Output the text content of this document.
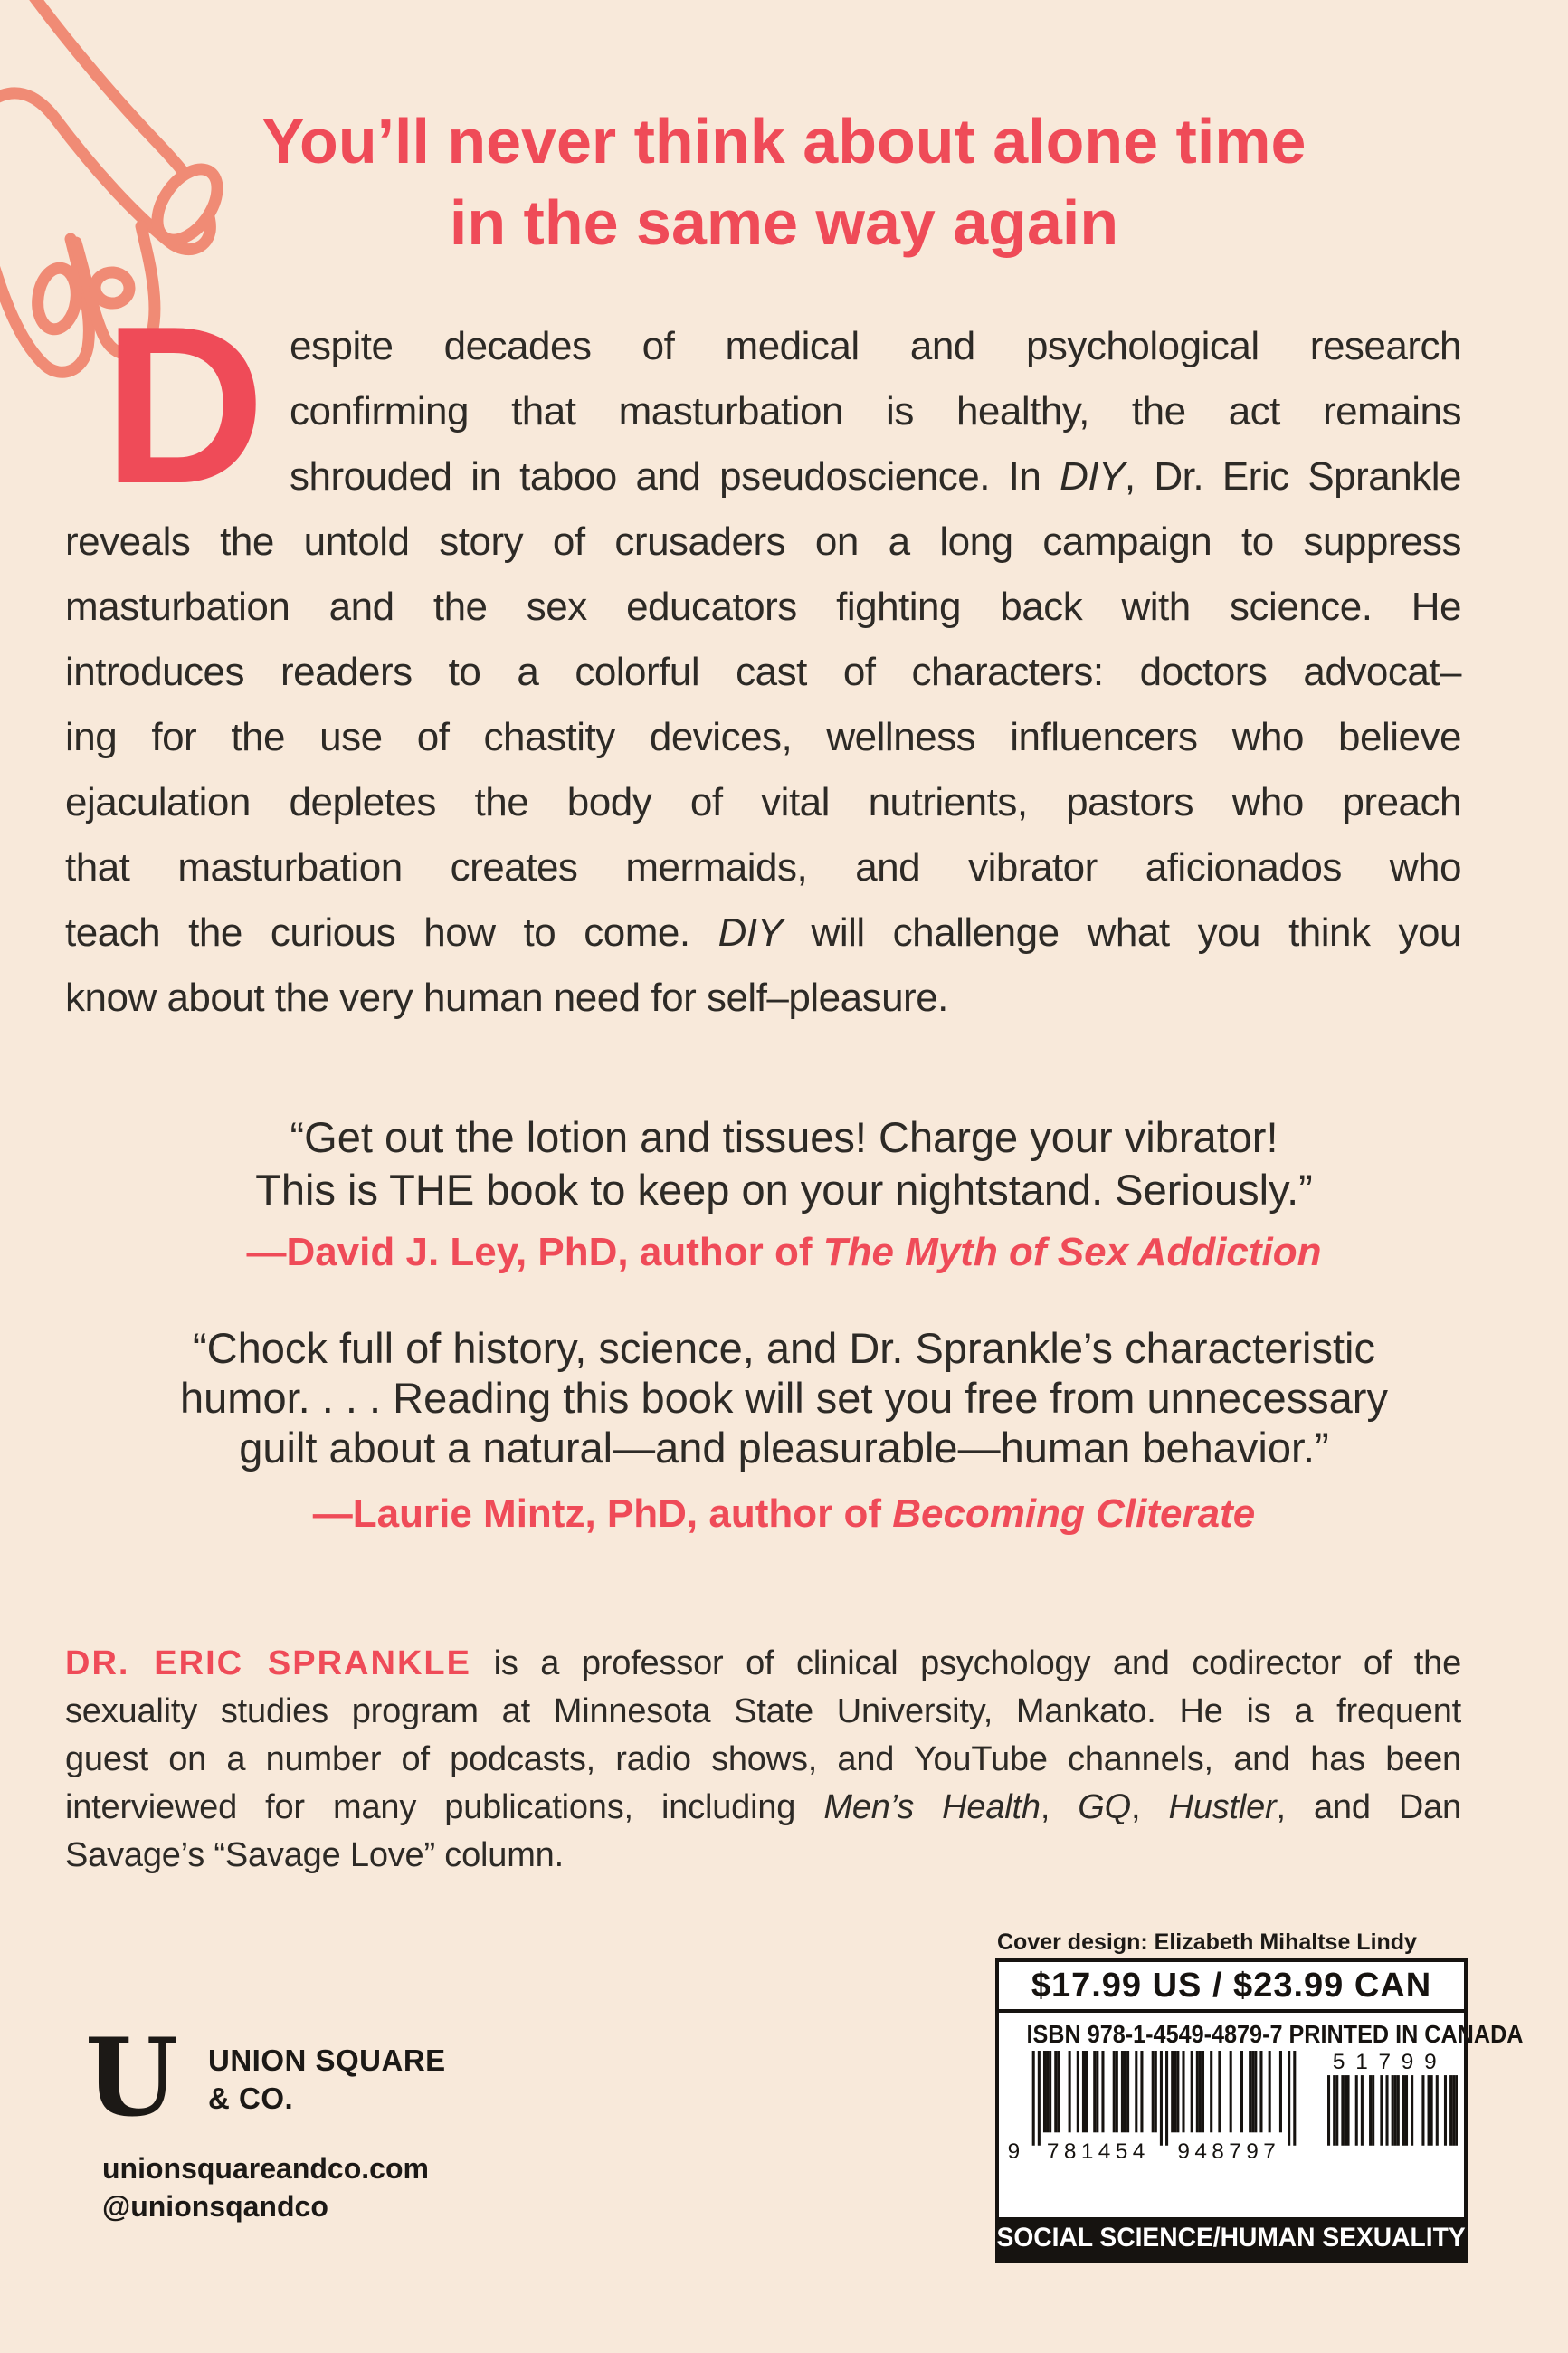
You’ll never think about alone time
in the same way again
D espite decades of medical and psychological research
confirming that masturbation is healthy, the act remains
shrouded in taboo and pseudoscience. In DIY, Dr. Eric Sprankle
reveals the untold story of crusaders on a long campaign to suppress
masturbation and the sex educators fighting back with science. He
introduces readers to a colorful cast of characters: doctors advocat–
ing for the use of chastity devices, wellness influencers who believe
ejaculation depletes the body of vital nutrients, pastors who preach
that masturbation creates mermaids, and vibrator aficionados who
teach the curious how to come. DIY will challenge what you think you
know about the very human need for self–pleasure.
“Get out the lotion and tissues! Charge your vibrator!
This is THE book to keep on your nightstand. Seriously.”
—David J. Ley, PhD, author of The Myth of Sex Addiction
“Chock full of history, science, and Dr. Sprankle’s characteristic
humor. . . . Reading this book will set you free from unnecessary
guilt about a natural—and pleasurable—human behavior.”
—Laurie Mintz, PhD, author of Becoming Cliterate
DR. ERIC SPRANKLE is a professor of clinical psychology and codirector of the
sexuality studies program at Minnesota State University, Mankato. He is a frequent
guest on a number of podcasts, radio shows, and YouTube channels, and has been
interviewed for many publications, including Men’s Health, GQ, Hustler, and Dan
Savage’s “Savage Love” column.
Cover design: Elizabeth Mihaltse Lindy
$17.99 US / $23.99 CAN
ISBN 978-1-4549-4879-7 PRINTED IN CANADA
9 781454 948797
51799
SOCIAL SCIENCE/HUMAN SEXUALITY
U UNION SQUARE
& CO.
unionsquareandco.com
@unionsqandco
